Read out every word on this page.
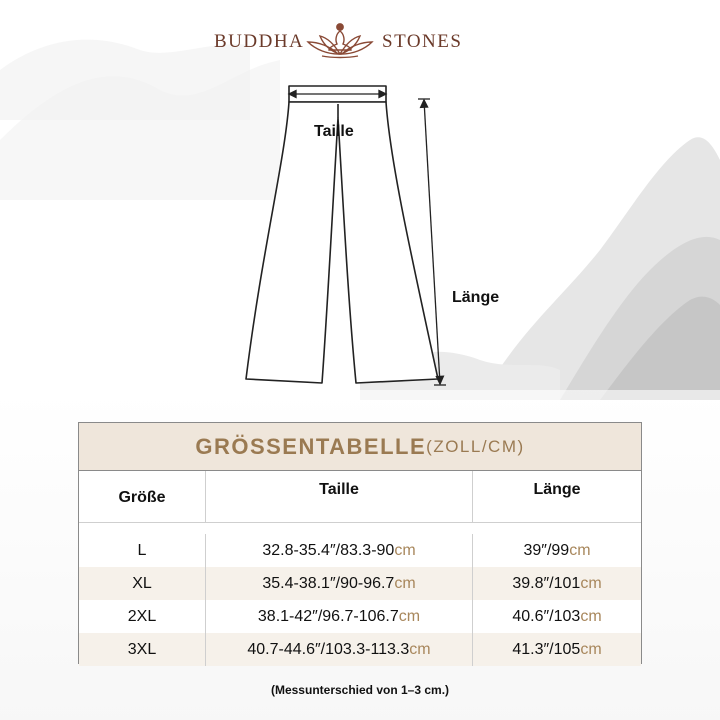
BUDDHA	STONES
Taille
Länge
GRÖSSENTABELLE (ZOLL/CM)
Größe	Taille	Länge
L	32.8-35.4″/83.3-90 cm	39″/99 cm
XL	35.4-38.1″/90-96.7 cm	39.8″/101 cm
2XL	38.1-42″/96.7-106.7 cm	40.6″/103 cm
3XL	40.7-44.6″/103.3-113.3 cm	41.3″/105 cm
(Messunterschied von 1–3 cm.)
